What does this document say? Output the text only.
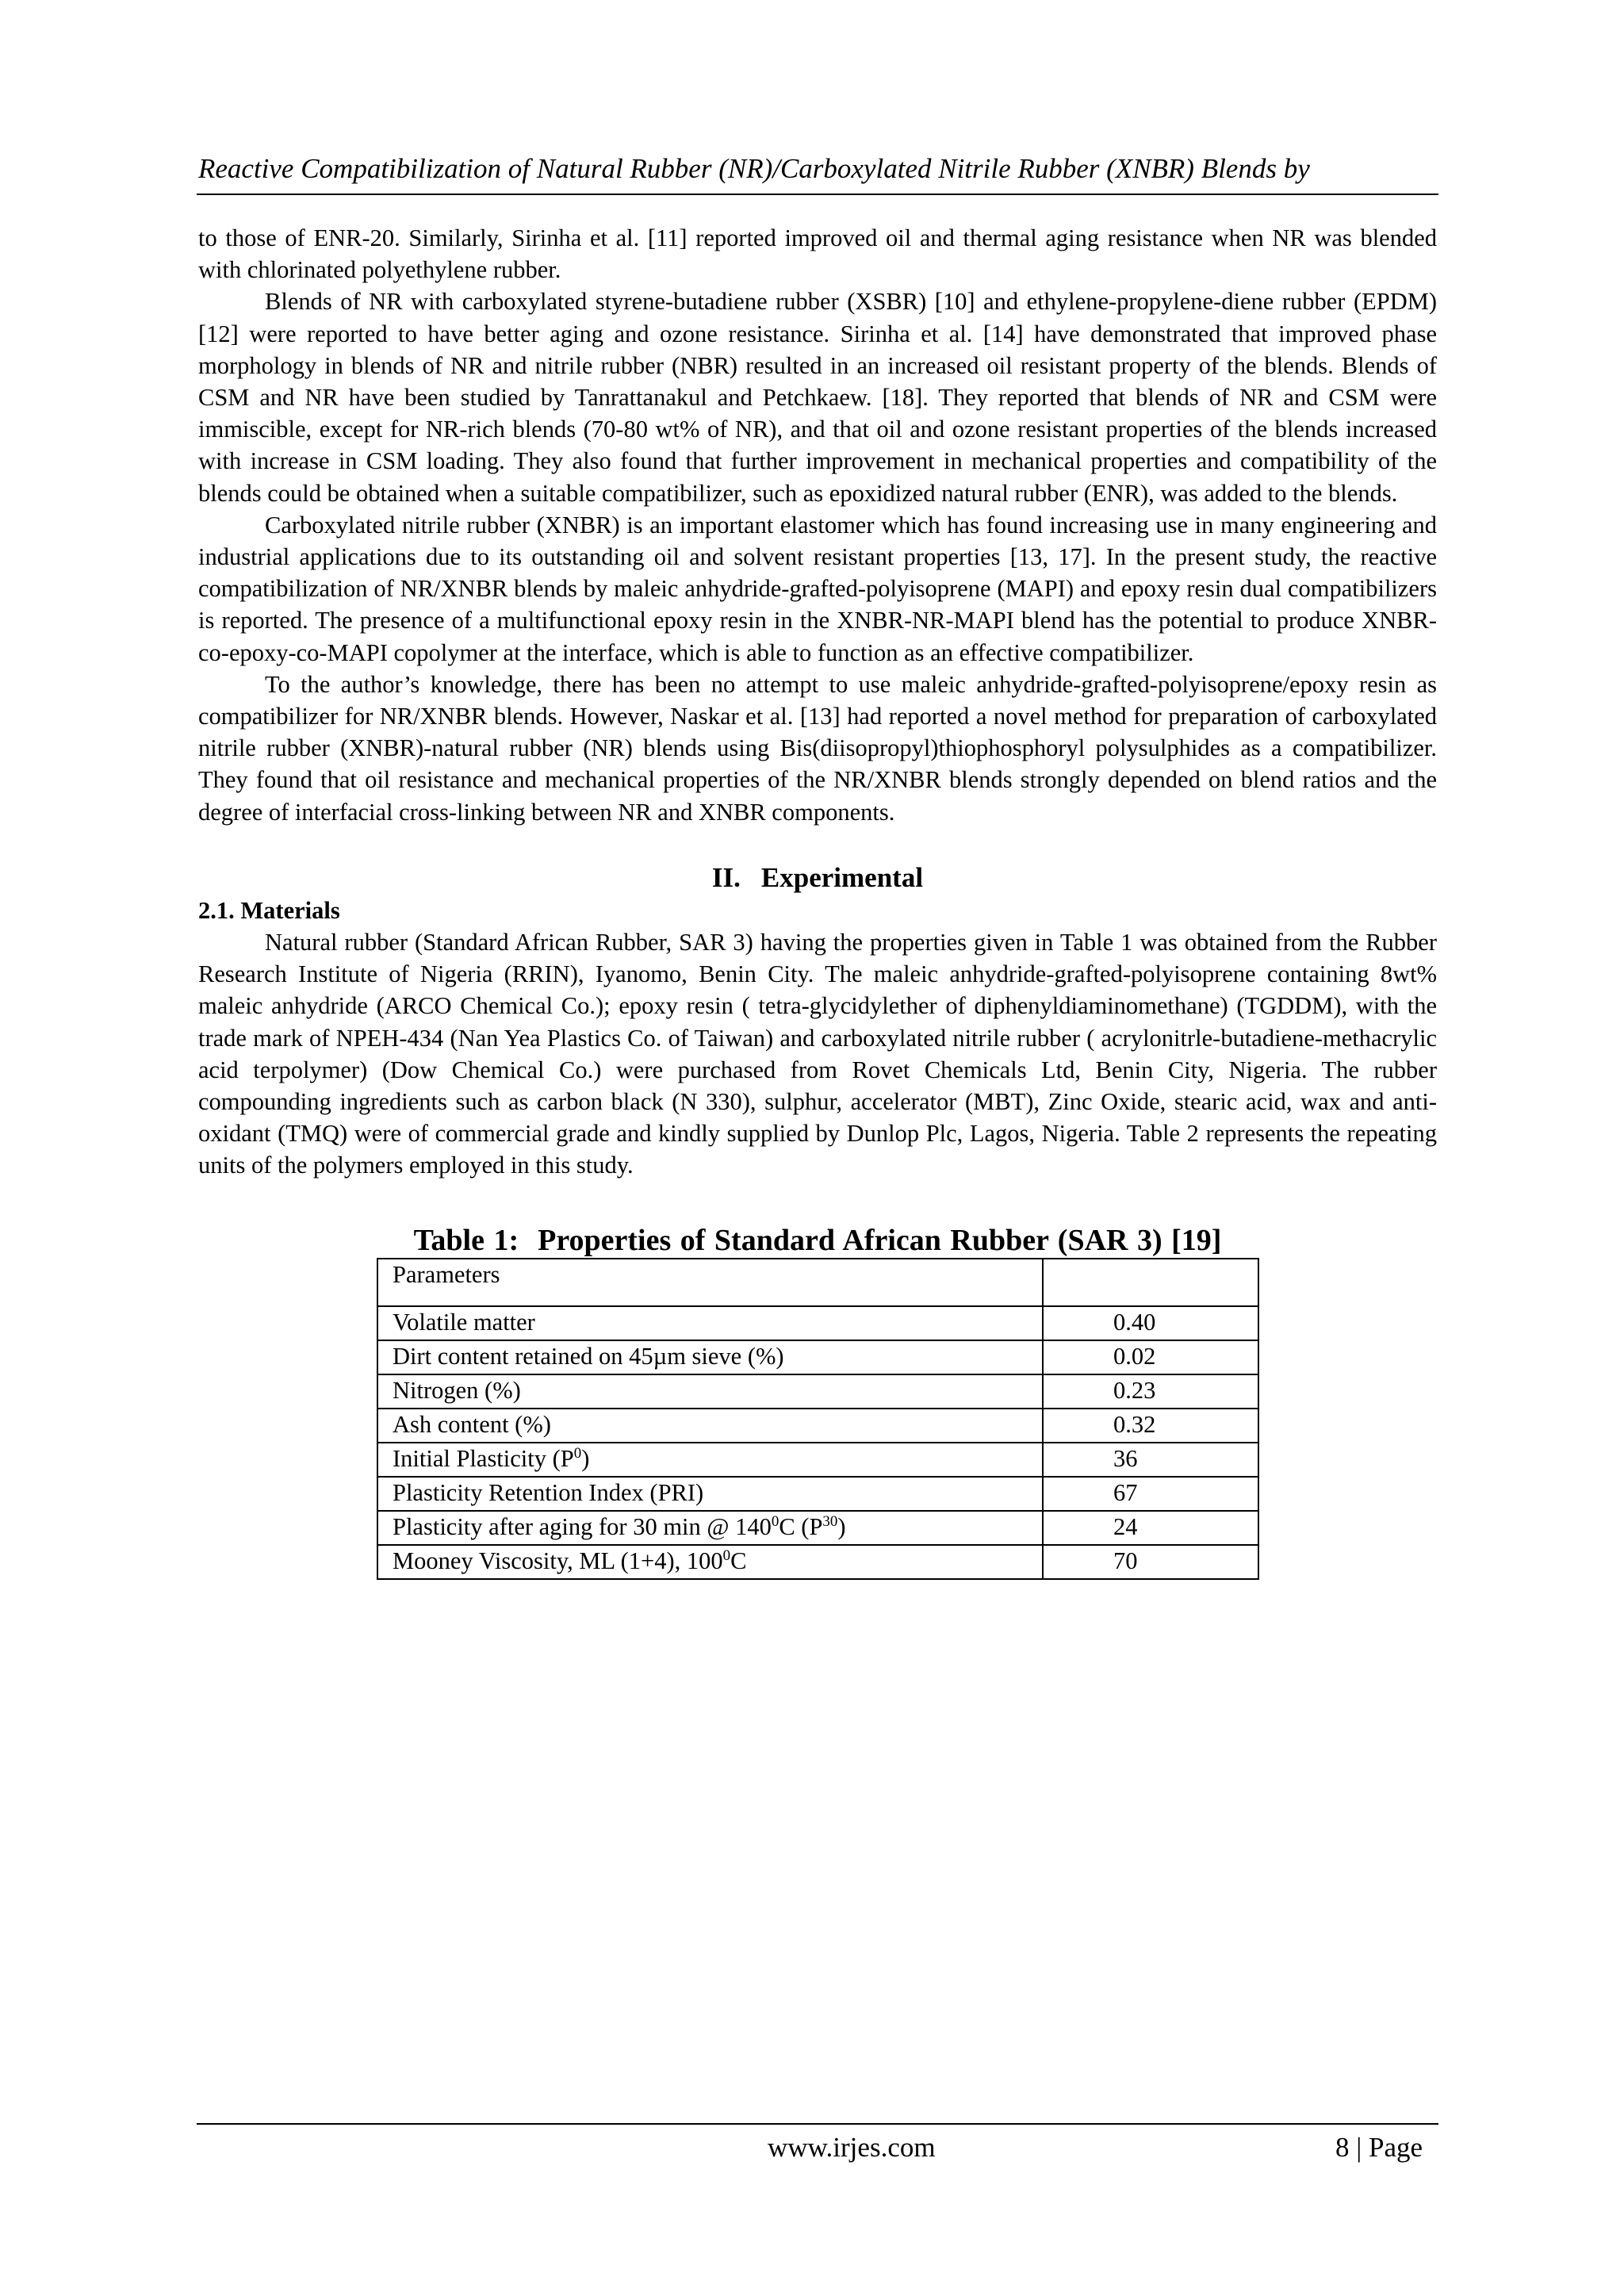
Reactive Compatibilization of Natural Rubber (NR)/Carboxylated Nitrile Rubber (XNBR) Blends by

to those of ENR-20. Similarly, Sirinha et al. [11] reported improved oil and thermal aging resistance when NR was blended with chlorinated polyethylene rubber.

Blends of NR with carboxylated styrene-butadiene rubber (XSBR) [10] and ethylene-propylene-diene rubber (EPDM) [12] were reported to have better aging and ozone resistance. Sirinha et al. [14] have demonstrated that improved phase morphology in blends of NR and nitrile rubber (NBR) resulted in an increased oil resistant property of the blends. Blends of CSM and NR have been studied by Tanrattanakul and Petchkaew. [18]. They reported that blends of NR and CSM were immiscible, except for NR-rich blends (70-80 wt% of NR), and that oil and ozone resistant properties of the blends increased with increase in CSM loading. They also found that further improvement in mechanical properties and compatibility of the blends could be obtained when a suitable compatibilizer, such as epoxidized natural rubber (ENR), was added to the blends.

Carboxylated nitrile rubber (XNBR) is an important elastomer which has found increasing use in many engineering and industrial applications due to its outstanding oil and solvent resistant properties [13, 17]. In the present study, the reactive compatibilization of NR/XNBR blends by maleic anhydride-grafted-polyisoprene (MAPI) and epoxy resin dual compatibilizers is reported. The presence of a multifunctional epoxy resin in the XNBR-NR-MAPI blend has the potential to produce XNBR-co-epoxy-co-MAPI copolymer at the interface, which is able to function as an effective compatibilizer.

To the author’s knowledge, there has been no attempt to use maleic anhydride-grafted-polyisoprene/epoxy resin as compatibilizer for NR/XNBR blends. However, Naskar et al. [13] had reported a novel method for preparation of carboxylated nitrile rubber (XNBR)-natural rubber (NR) blends using Bis(diisopropyl)thiophosphoryl polysulphides as a compatibilizer. They found that oil resistance and mechanical properties of the NR/XNBR blends strongly depended on blend ratios and the degree of interfacial cross-linking between NR and XNBR components.

II. Experimental

2.1. Materials

Natural rubber (Standard African Rubber, SAR 3) having the properties given in Table 1 was obtained from the Rubber Research Institute of Nigeria (RRIN), Iyanomo, Benin City. The maleic anhydride-grafted-polyisoprene containing 8wt% maleic anhydride (ARCO Chemical Co.); epoxy resin ( tetra-glycidylether of diphenyldiaminomethane) (TGDDM), with the trade mark of NPEH-434 (Nan Yea Plastics Co. of Taiwan) and carboxylated nitrile rubber ( acrylonitrle-butadiene-methacrylic acid terpolymer) (Dow Chemical Co.) were purchased from Rovet Chemicals Ltd, Benin City, Nigeria. The rubber compounding ingredients such as carbon black (N 330), sulphur, accelerator (MBT), Zinc Oxide, stearic acid, wax and anti-oxidant (TMQ) were of commercial grade and kindly supplied by Dunlop Plc, Lagos, Nigeria. Table 2 represents the repeating units of the polymers employed in this study.

Table 1: Properties of Standard African Rubber (SAR 3) [19]
Parameters	
Volatile matter	0.40
Dirt content retained on 45µm sieve (%)	0.02
Nitrogen (%)	0.23
Ash content (%)	0.32
Initial Plasticity $(P^0)$	36
Plasticity Retention Index (PRI)	67
Plasticity after aging for 30 min @ $140^0C$ $(P^{30})$	24
Mooney Viscosity, ML (1+4), $100^0C$	70
www.irjes.com	8 | Page
